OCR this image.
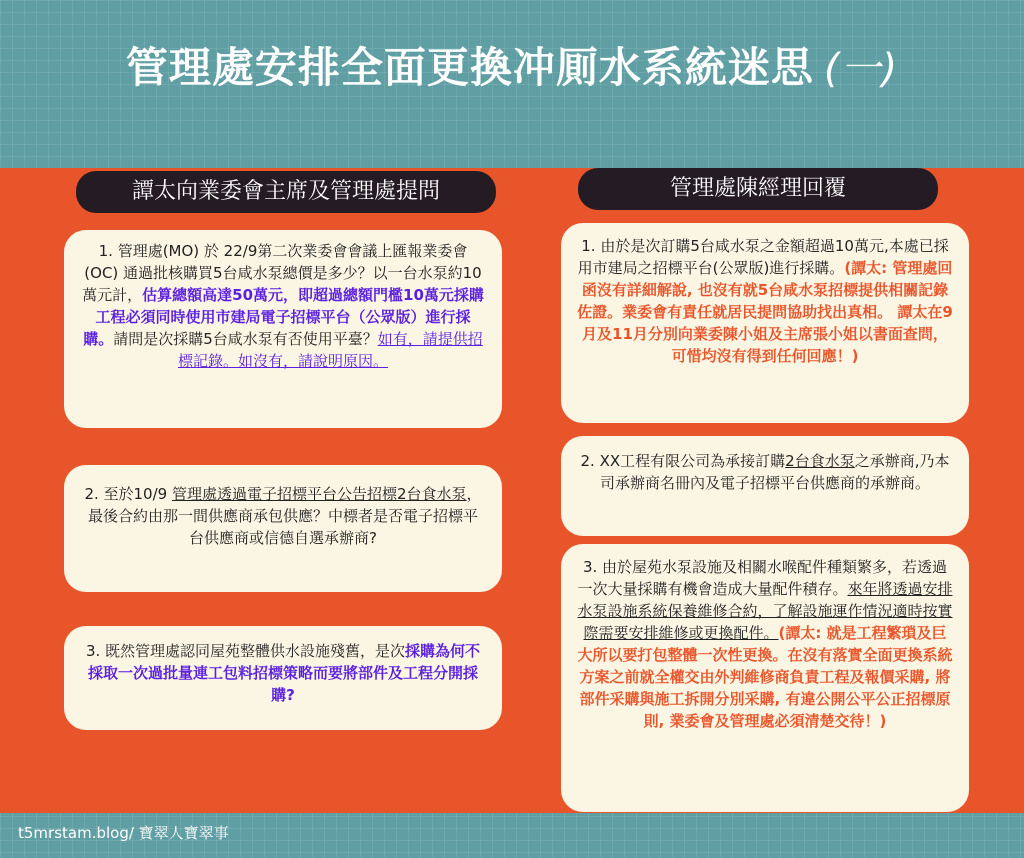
管理處安排全面更換冲厠水系統迷思 (一)
譚太向業委會主席及管理處提問	管理處陳經理回覆
1. 管理處(MO) 於 22/9第二次業委會會議上匯報業委會 (OC) 通過批核購買5台咸水泵總價是多少？以一台水泵約10萬元計，估算總額高達50萬元，即超過總額門檻10萬元採購工程必須同時使用市建局電子招標平台（公眾版）進行採購。請問是次採購5台咸水泵有否使用平臺？如有，請提供招標記錄。如沒有，請說明原因。
2. 至於10/9 管理處透過電子招標平台公告招標2台食水泵，最後合約由那一間供應商承包供應？中標者是否電子招標平台供應商或信德自選承辦商?
3. 既然管理處認同屋苑整體供水設施殘舊，是次採購為何不採取一次過批量連工包料招標策略而要將部件及工程分開採購?
1. 由於是次訂購5台咸水泵之金額超過10萬元,本處已採用市建局之招標平台(公眾版)進行採購。(譚太: 管理處回函沒有詳細解說, 也沒有就5台咸水泵招標提供相關記錄佐證。業委會有責任就居民提問協助找出真相。 譚太在9月及11月分別向業委陳小姐及主席張小姐以書面查問，可惜均沒有得到任何回應！)
2. XX工程有限公司為承接訂購2台食水泵之承辦商,乃本司承辦商名冊內及電子招標平台供應商的承辦商。
3. 由於屋苑水泵設施及相關水喉配件種類繁多，若透過一次大量採購有機會造成大量配件積存。來年將透過安排水泵設施系統保養維修合約，了解設施運作情況適時按實際需要安排維修或更換配件。(譚太: 就是工程繁瑣及巨大所以要打包整體一次性更換。在沒有落實全面更換系統方案之前就全權交由外判維修商負責工程及報價采購, 將部件采購與施工拆開分別采購, 有違公開公平公正招標原則, 業委會及管理處必須清楚交待！)
t5mrstam.blog/ 寶翠人寶翠事
